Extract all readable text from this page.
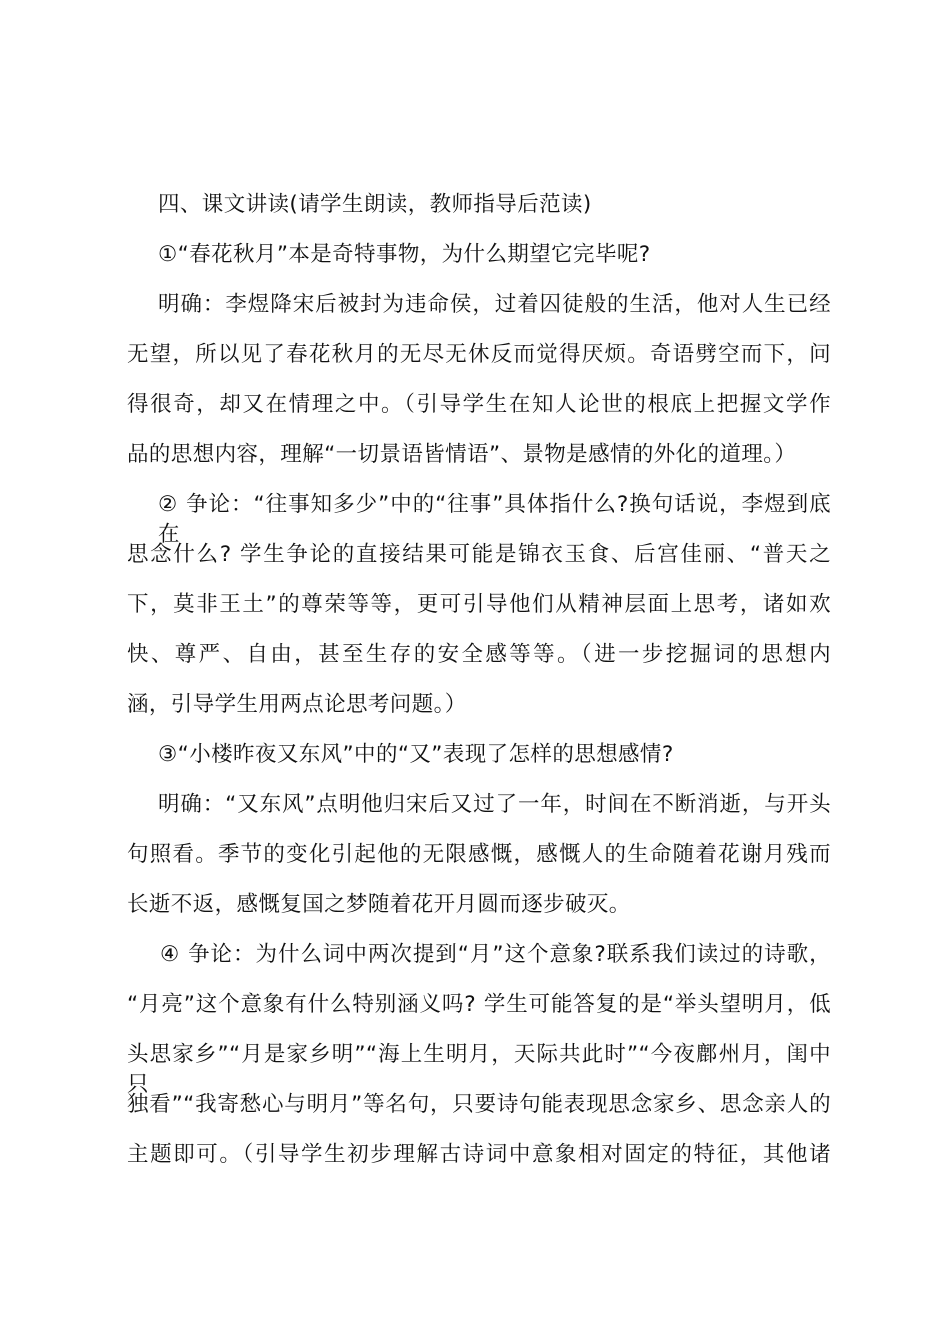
四、课文讲读(请学生朗读，教师指导后范读)
①“春花秋月”本是奇特事物，为什么期望它完毕呢?
明确：李煜降宋后被封为违命侯，过着囚徒般的生活，他对人生已经
无望，所以见了春花秋月的无尽无休反而觉得厌烦。奇语劈空而下，问
得很奇，却又在情理之中。（引导学生在知人论世的根底上把握文学作
品的思想内容，理解“一切景语皆情语”、景物是感情的外化的道理。）
② 争论：“往事知多少”中的“往事”具体指什么?换句话说，李煜到底在
思念什么? 学生争论的直接结果可能是锦衣玉食、后宫佳丽、“普天之
下，莫非王土”的尊荣等等，更可引导他们从精神层面上思考，诸如欢
快、尊严、自由，甚至生存的安全感等等。（进一步挖掘词的思想内
涵，引导学生用两点论思考问题。）
③“小楼昨夜又东风”中的“又”表现了怎样的思想感情?
明确：“又东风”点明他归宋后又过了一年，时间在不断消逝，与开头
句照看。季节的变化引起他的无限感慨，感慨人的生命随着花谢月残而
长逝不返，感慨复国之梦随着花开月圆而逐步破灭。
④ 争论：为什么词中两次提到“月”这个意象?联系我们读过的诗歌，
“月亮”这个意象有什么特别涵义吗? 学生可能答复的是“举头望明月，低
头思家乡”“月是家乡明”“海上生明月，天际共此时”“今夜鄜州月，闺中只
独看”“我寄愁心与明月”等名句，只要诗句能表现思念家乡、思念亲人的
主题即可。（引导学生初步理解古诗词中意象相对固定的特征，其他诸
